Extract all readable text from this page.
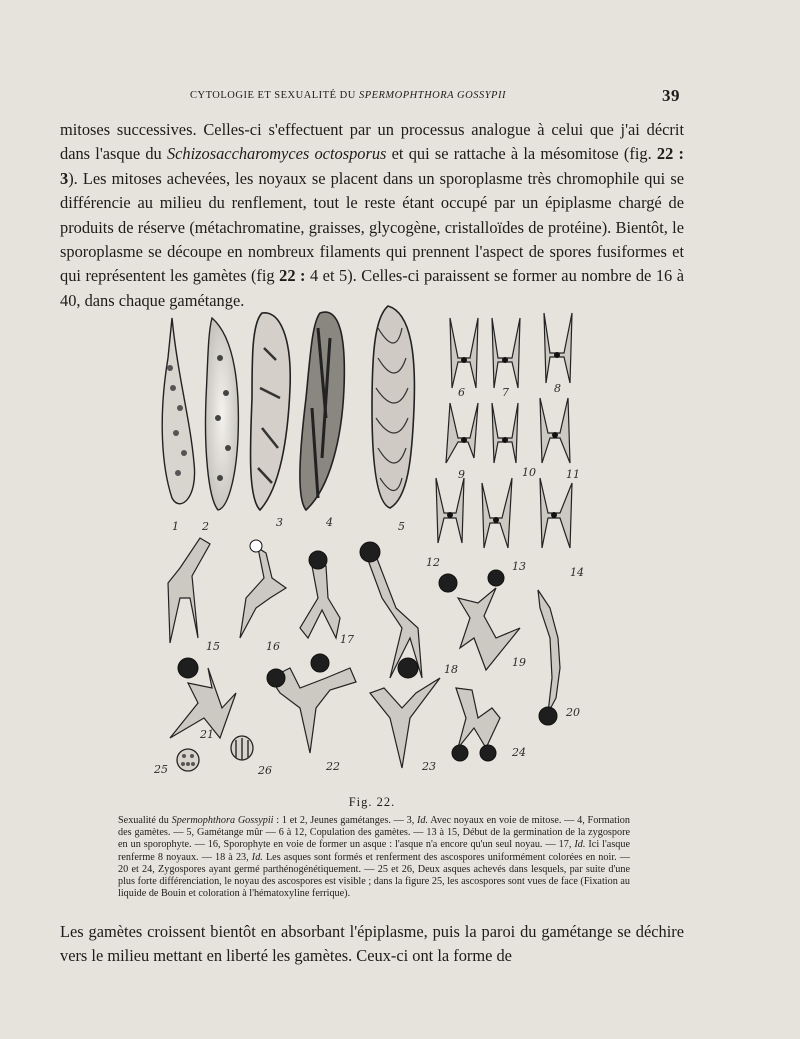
CYTOLOGIE ET SEXUALITÉ DU SPERMOPHTHORA GOSSYPII	39

mitoses successives. Celles-ci s'effectuent par un processus analogue à celui que j'ai décrit dans l'asque du Schizosaccharomyces octosporus et qui se rattache à la mésomitose (fig. 22 : 3). Les mitoses achevées, les noyaux se placent dans un sporoplasme très chromophile qui se différencie au milieu du renflement, tout le reste étant occupé par un épiplasme chargé de produits de réserve (métachromatine, graisses, glycogène, cristalloïdes de protéine). Bientôt, le sporoplasme se découpe en nombreux filaments qui prennent l'aspect de spores fusiformes et qui représentent les gamètes (fig 22 : 4 et 5). Celles-ci paraissent se former au nombre de 16 à 40, dans chaque gamétange.

1 2	3	4	5
6	7	8
9	10	11
12	13	14
15	16
17
18
19
20
21
22	23
24
25	26
Fig. 22.

Sexualité du Spermophthora Gossypii : 1 et 2, Jeunes gamétanges. — 3, Id. Avec noyaux en voie de mitose. — 4, Formation des gamètes. — 5, Gamétange mûr — 6 à 12, Copulation des gamètes. — 13 à 15, Début de la germination de la zygospore en un sporophyte. — 16, Sporophyte en voie de former un asque : l'asque n'a encore qu'un seul noyau. — 17, Id. Ici l'asque renferme 8 noyaux. — 18 à 23, Id. Les asques sont formés et renferment des ascospores uniformément colorées en noir. — 20 et 24, Zygospores ayant germé parthénogénétiquement. — 25 et 26, Deux asques achevés dans lesquels, par suite d'une plus forte différenciation, le noyau des ascospores est visible ; dans la figure 25, les ascospores sont vues de face (Fixation au liquide de Bouin et coloration à l'hématoxyline ferrique).

Les gamètes croissent bientôt en absorbant l'épiplasme, puis la paroi du gamétange se déchire vers le milieu mettant en liberté les gamètes. Ceux-ci ont la forme de
